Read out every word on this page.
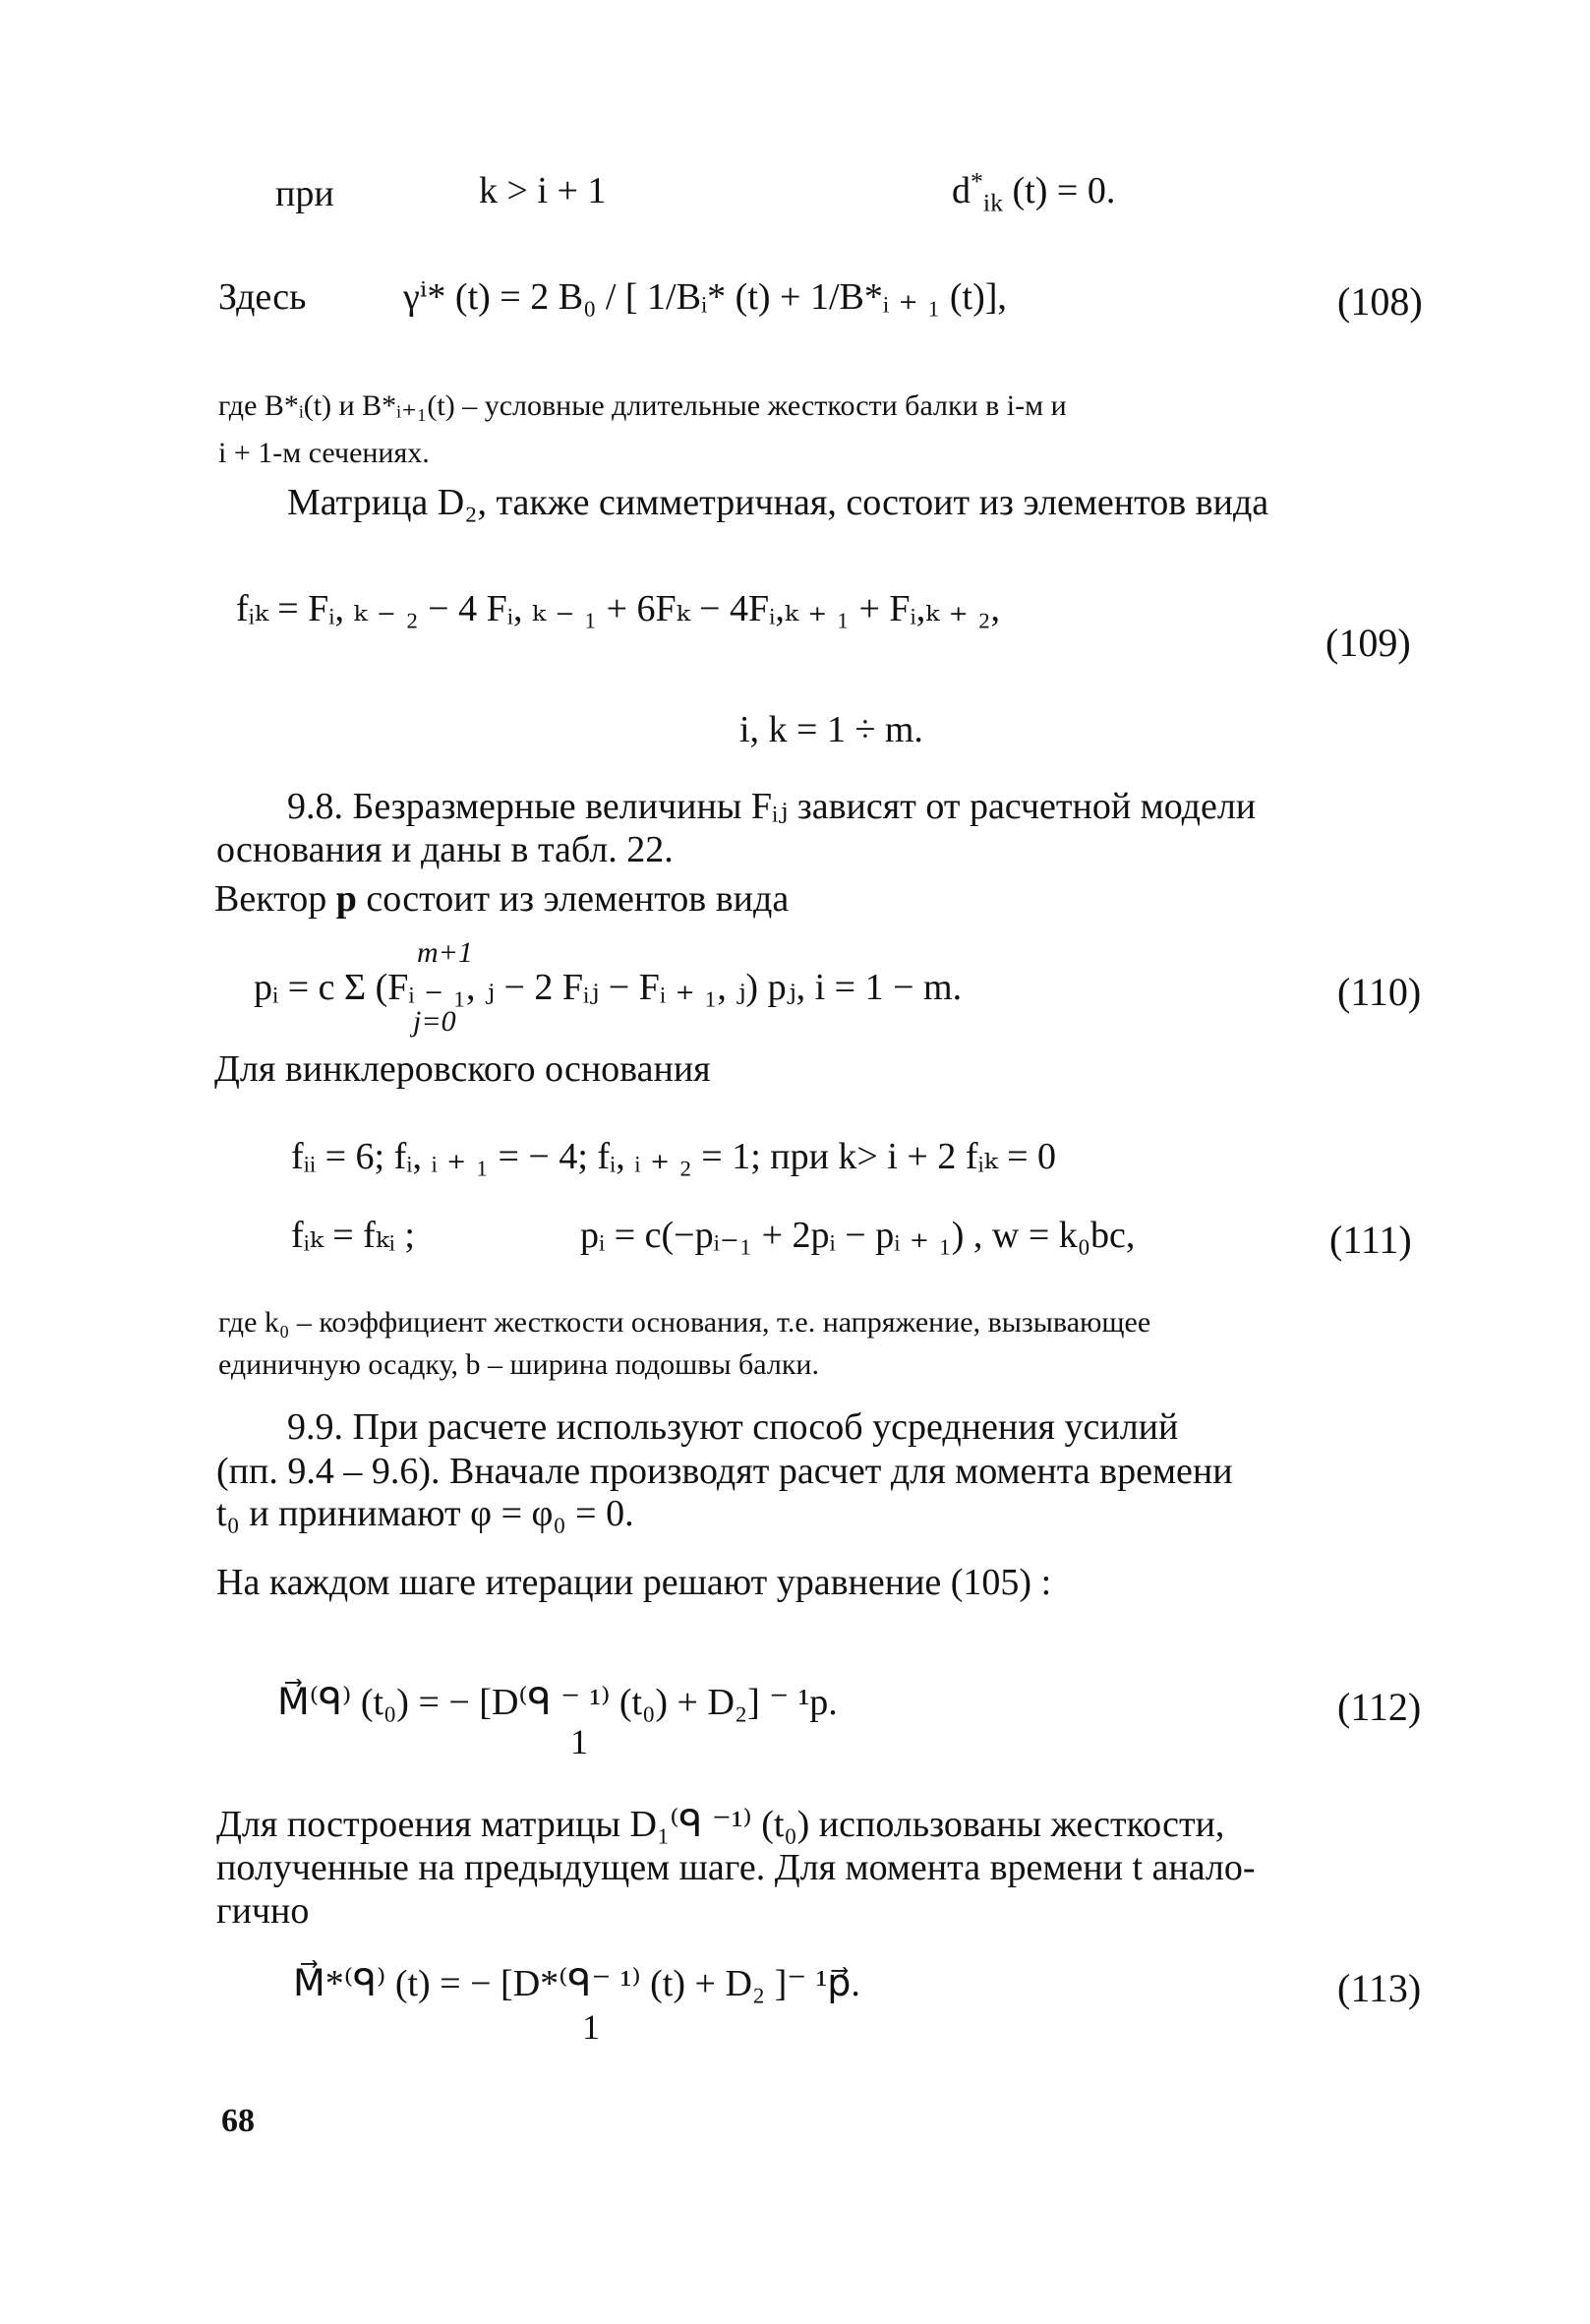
при	k > i + 1	$d^*_{ik}$ (t) = 0.
Здесь	γⁱ* (t) = 2 B₀ / [ 1/Bᵢ* (t) + 1/B*ᵢ ₊ ₁ (t)],	(108)
где B*ᵢ(t) и B*ᵢ₊₁(t) – условные длительные жесткости балки в i-м и
i + 1-м сечениях.
Матрица D₂, также симметричная, состоит из элементов вида
fᵢₖ = Fᵢ, ₖ ₋ ₂ − 4 Fᵢ, ₖ ₋ ₁ + 6Fₖ − 4Fᵢ,ₖ ₊ ₁ + Fᵢ,ₖ ₊ ₂,
(109)
i, k = 1 ÷ m.
9.8. Безразмерные величины Fᵢⱼ зависят от расчетной модели
основания и даны в табл. 22.
Вектор p состоит из элементов вида
m+1
pᵢ = c Σ (Fᵢ ₋ ₁, ⱼ − 2 Fᵢⱼ − Fᵢ ₊ ₁, ⱼ) pⱼ, i = 1 − m.
j=0
(110)
Для винклеровского основания
fᵢᵢ = 6; fᵢ, ᵢ ₊ ₁ = − 4; fᵢ, ᵢ ₊ ₂ = 1; при k> i + 2 fᵢₖ = 0
fᵢₖ = fₖᵢ ;	pᵢ = c(−pᵢ₋₁ + 2pᵢ − pᵢ ₊ ₁) , w = k₀bc,	(111)
где k₀ – коэффициент жесткости основания, т.е. напряжение, вызывающее
единичную осадку, b – ширина подошвы балки.
9.9. При расчете используют способ усреднения усилий
(пп. 9.4 – 9.6). Вначале производят расчет для момента времени
t₀ и принимают φ = φ₀ = 0.
На каждом шаге итерации решают уравнение (105) :
M⃗⁽ᑫ⁾ (t₀) = − [D⁽ᑫ ⁻ ¹⁾ (t₀) + D₂] ⁻ ¹p.
1
(112)
Для построения матрицы D₁⁽ᑫ ⁻¹⁾ (t₀) использованы жесткости,
полученные на предыдущем шаге. Для момента времени t анало-
гично
M⃗*⁽ᑫ⁾ (t) = − [D*⁽ᑫ⁻ ¹⁾ (t) + D₂ ]⁻ ¹p⃗.
1
(113)
68
